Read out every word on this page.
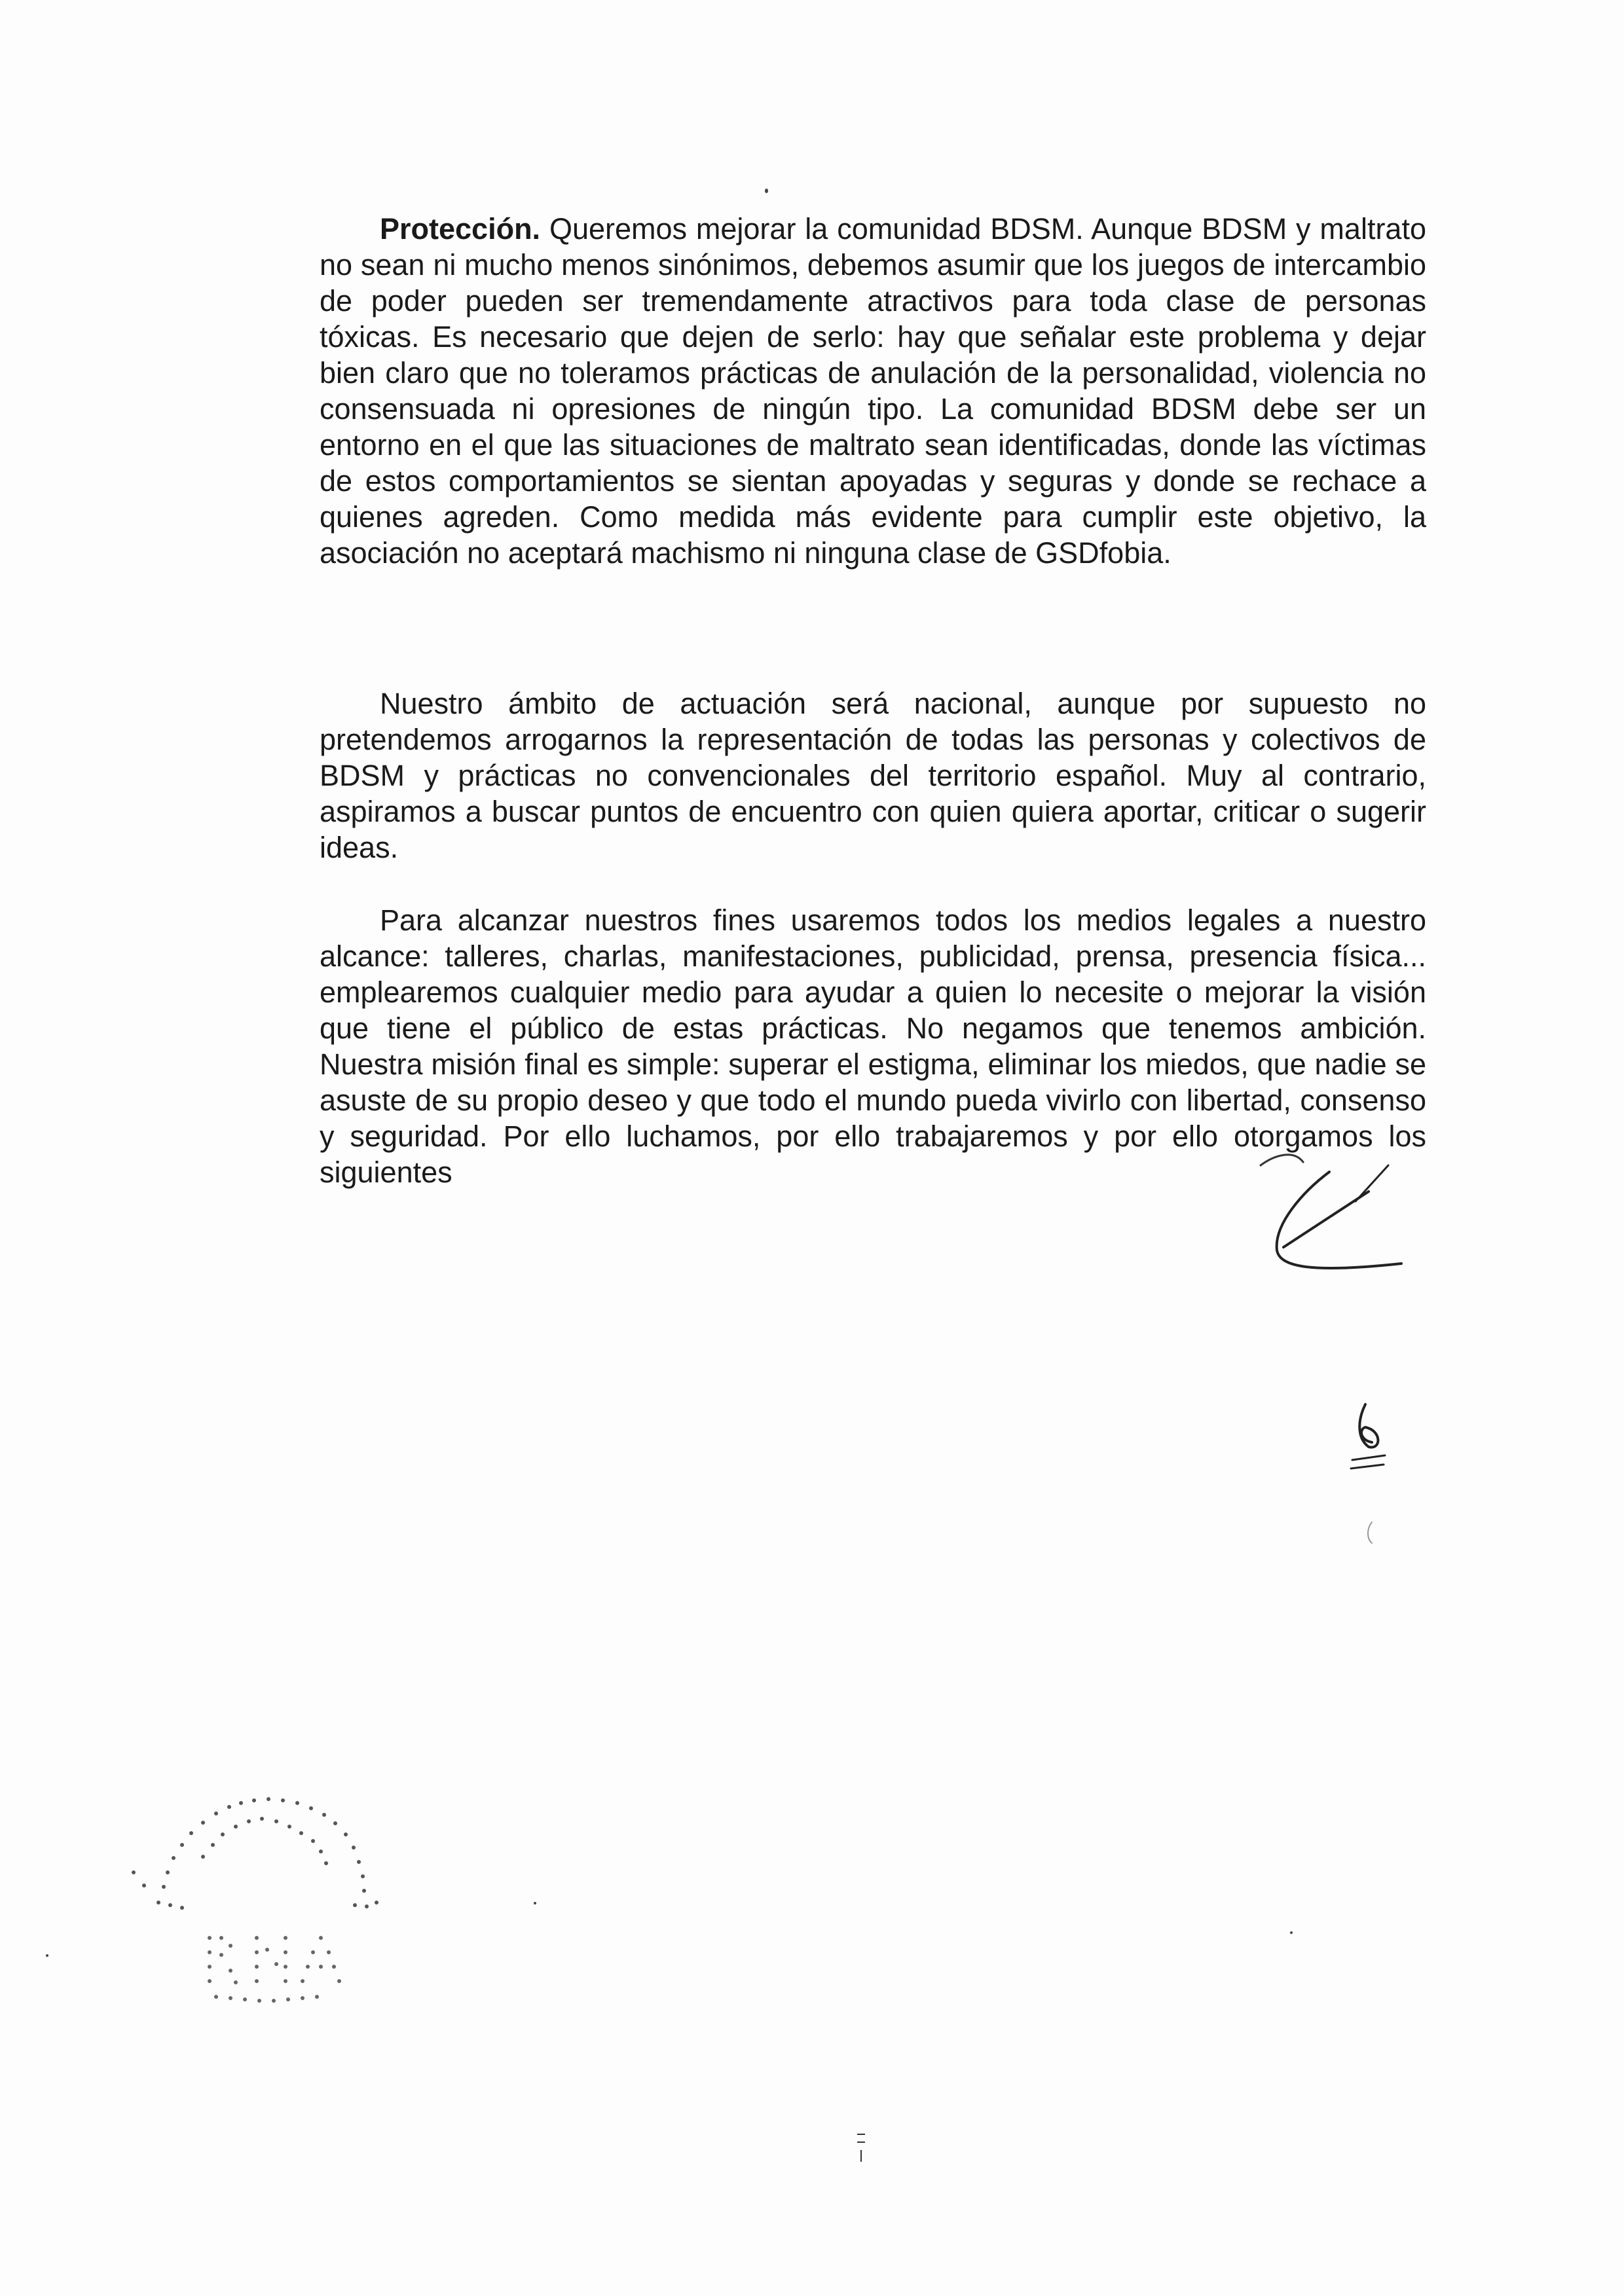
Protección. Queremos mejorar la comunidad BDSM. Aunque BDSM y maltrato no sean ni mucho menos sinónimos, debemos asumir que los juegos de intercambio de poder pueden ser tremendamente atractivos para toda clase de personas tóxicas. Es necesario que dejen de serlo: hay que señalar este problema y dejar bien claro que no toleramos prácticas de anulación de la personalidad, violencia no consensuada ni opresiones de ningún tipo. La comunidad BDSM debe ser un entorno en el que las situaciones de maltrato sean identificadas, donde las víctimas de estos comportamientos se sientan apoyadas y seguras y donde se rechace a quienes agreden. Como medida más evidente para cumplir este objetivo, la asociación no aceptará machismo ni ninguna clase de GSDfobia.

Nuestro ámbito de actuación será nacional, aunque por supuesto no pretendemos arrogarnos la representación de todas las personas y colectivos de BDSM y prácticas no convencionales del territorio español. Muy al contrario, aspiramos a buscar puntos de encuentro con quien quiera aportar, criticar o sugerir ideas.

Para alcanzar nuestros fines usaremos todos los medios legales a nuestro alcance: talleres, charlas, manifestaciones, publicidad, prensa, presencia física... emplearemos cualquier medio para ayudar a quien lo necesite o mejorar la visión que tiene el público de estas prácticas. No negamos que tenemos ambición. Nuestra misión final es simple: superar el estigma, eliminar los miedos, que nadie se asuste de su propio deseo y que todo el mundo pueda vivirlo con libertad, consenso y seguridad. Por ello luchamos, por ello trabajaremos y por ello otorgamos los siguientes

RNA
